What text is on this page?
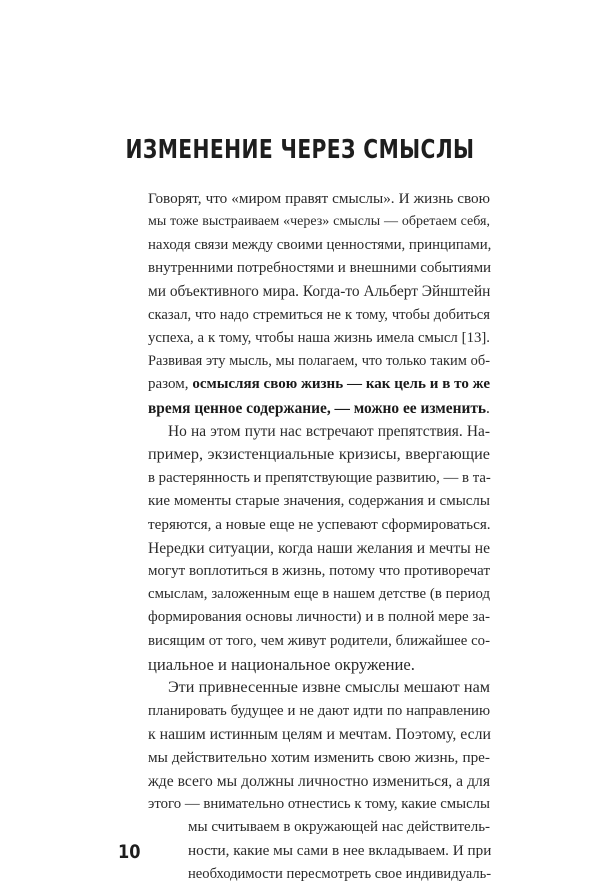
ИЗМЕНЕНИЕ ЧЕРЕЗ СМЫСЛЫ
Говорят, что «миром правят смыслы». И жизнь свою
мы тоже выстраиваем «через» смыслы — обретаем себя,
находя связи между своими ценностями, принципами,
внутренними потребностями и внешними событиями
ми объективного мира. Когда-то Альберт Эйнштейн
сказал, что надо стремиться не к тому, чтобы добиться
успеха, а к тому, чтобы наша жизнь имела смысл [13].
Развивая эту мысль, мы полагаем, что только таким об-
разом, осмысляя свою жизнь — как цель и в то же
время ценное содержание, — можно ее изменить.
Но на этом пути нас встречают препятствия. На-
пример, экзистенциальные кризисы, ввергающие
в растерянность и препятствующие развитию, — в та-
кие моменты старые значения, содержания и смыслы
теряются, а новые еще не успевают сформироваться.
Нередки ситуации, когда наши желания и мечты не
могут воплотиться в жизнь, потому что противоречат
смыслам, заложенным еще в нашем детстве (в период
формирования основы личности) и в полной мере за-
висящим от того, чем живут родители, ближайшее со-
циальное и национальное окружение.
Эти привнесенные извне смыслы мешают нам
планировать будущее и не дают идти по направлению
к нашим истинным целям и мечтам. Поэтому, если
мы действительно хотим изменить свою жизнь, пре-
жде всего мы должны личностно измениться, а для
этого — внимательно отнестись к тому, какие смыслы
мы считываем в окружающей нас действитель-
ности, какие мы сами в нее вкладываем. И при
необходимости пересмотреть свое индивидуаль-
10
